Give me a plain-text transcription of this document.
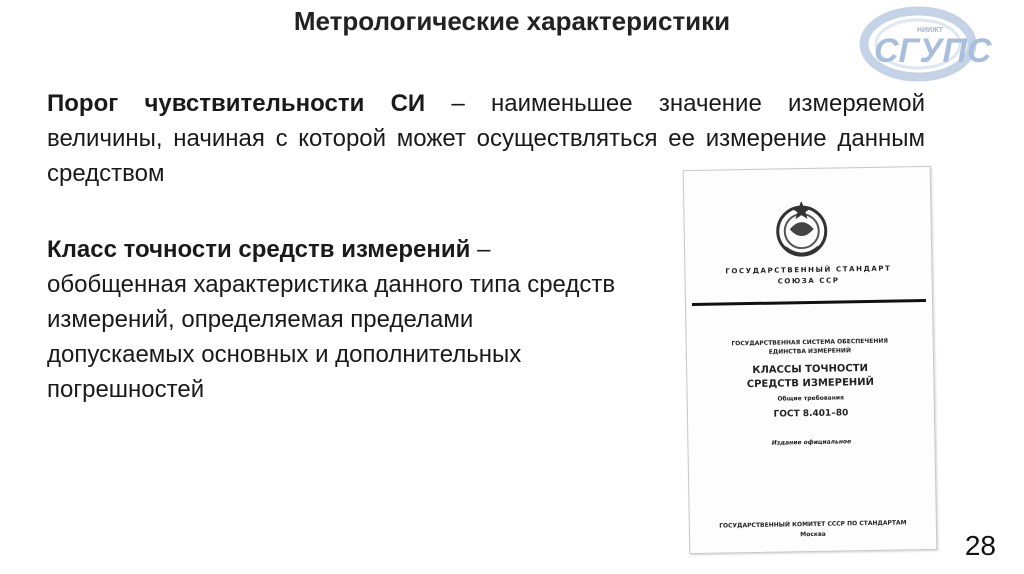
Метрологические характеристики	НИИЖТ
СГУПС
Порог чувствительности СИ – наименьшее значение измеряемой величины, начиная с которой может осуществляться ее измерение данным средством
Класс точности средств измерений – обобщенная характеристика данного типа средств измерений, определяемая пределами допускаемых основных и дополнительных погрешностей
ГОСУДАРСТВЕННЫЙ СТАНДАРТ
СОЮЗА ССР
ГОСУДАРСТВЕННАЯ СИСТЕМА ОБЕСПЕЧЕНИЯ
ЕДИНСТВА ИЗМЕРЕНИЙ
КЛАССЫ ТОЧНОСТИ
СРЕДСТВ ИЗМЕРЕНИЙ
Общие требования
ГОСТ 8.401–80
Издание официальное
ГОСУДАРСТВЕННЫЙ КОМИТЕТ СССР ПО СТАНДАРТАМ
Москва	28
